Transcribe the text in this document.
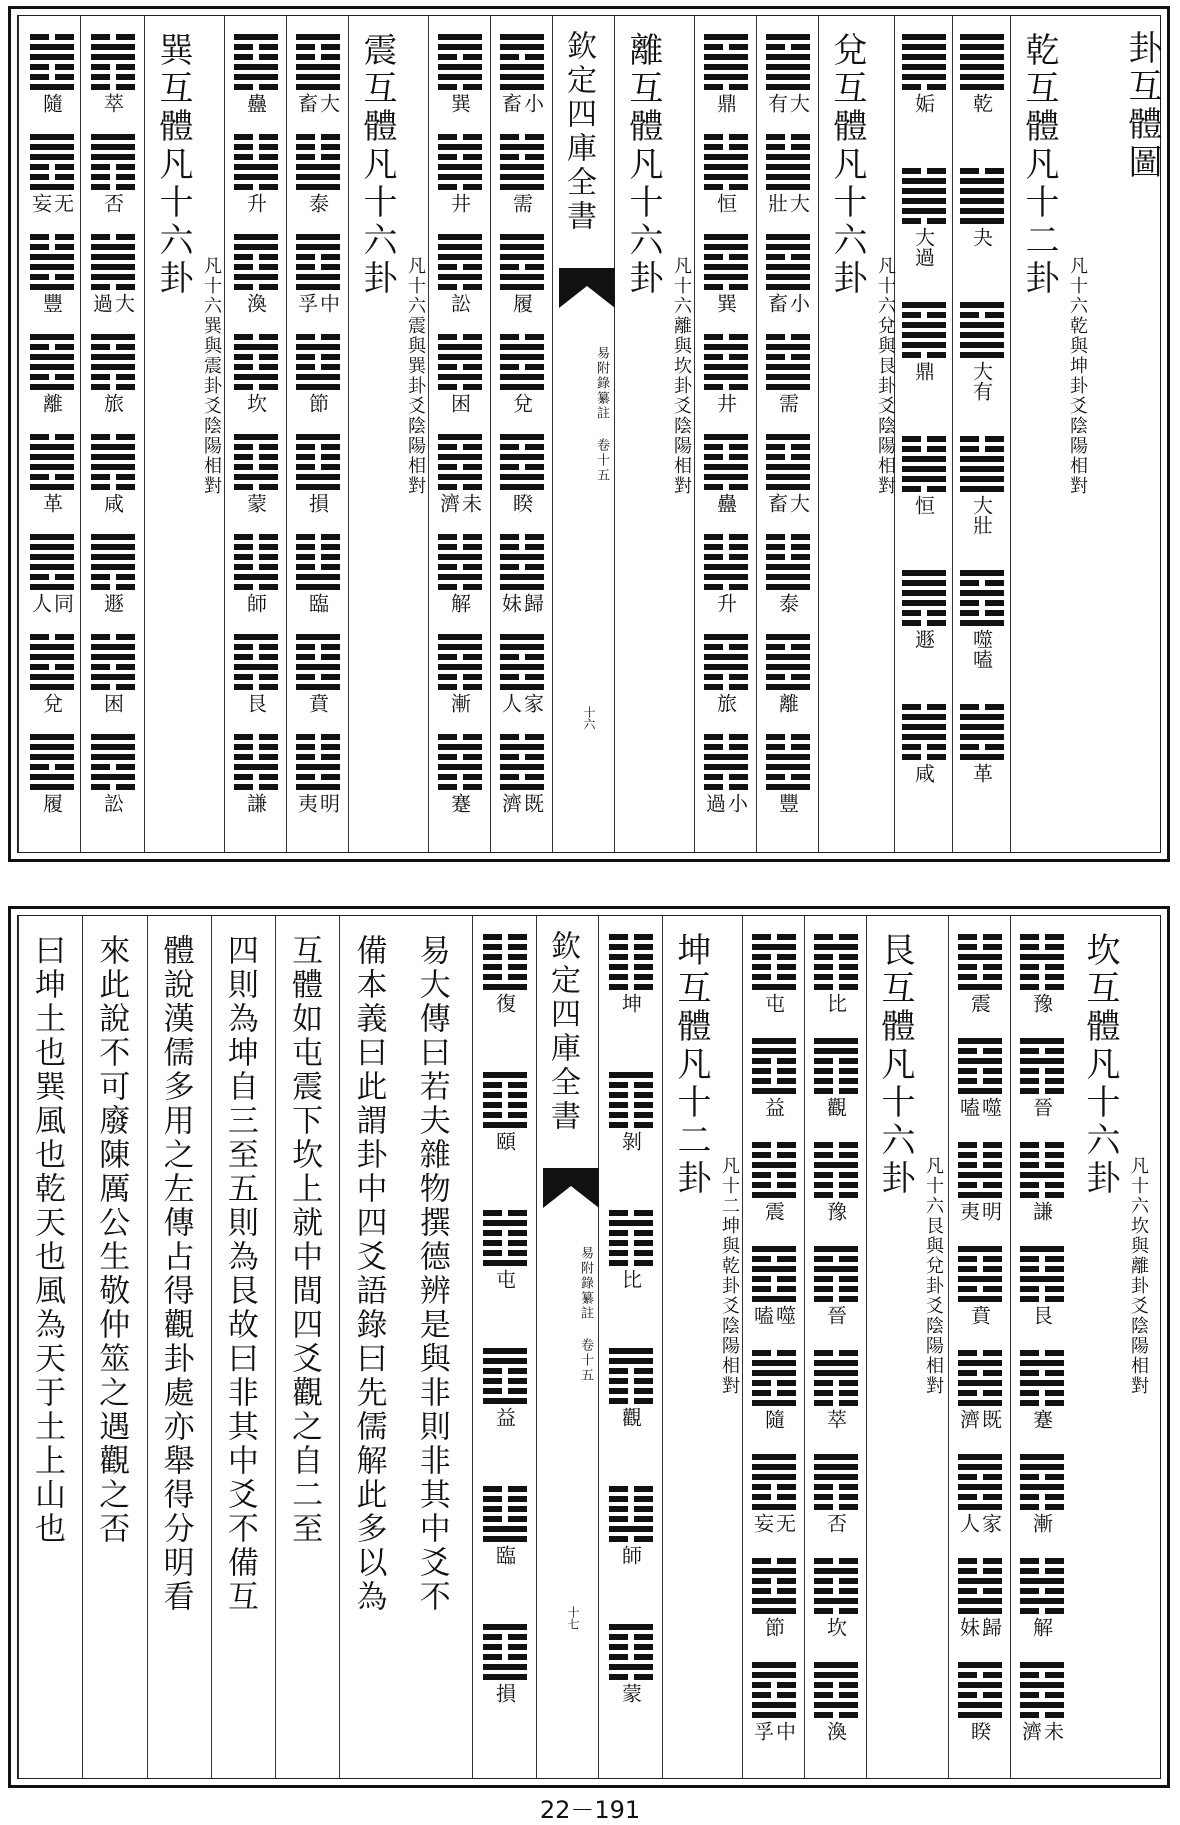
卦互體圖
乾互體凡十二卦
凡十六乾與坤卦爻陰陽相對
乾
夬
大有
大壯
噬嗑
革
姤
大過
鼎
恒
遯
咸
兌互體凡十六卦
凡十六兌與艮卦爻陰陽相對
大有
大壯
小畜
需
大畜
泰
離
豐
鼎
恒
巽
井
蠱
升
旅
小過
離互體凡十六卦
凡十六離與坎卦爻陰陽相對
欽定四庫全書
易附錄纂註 卷十五
十六
小畜
需
履
兌
睽
歸妹
家人
既濟
巽
井
訟
困
未濟
解
漸
蹇
震互體凡十六卦
凡十六震與巽卦爻陰陽相對
大畜
泰
中孚
節
損
臨
賁
明夷
蠱
升
渙
坎
蒙
師
艮
謙
巽互體凡十六卦
凡十六巽與震卦爻陰陽相對
萃
否
大過
旅
咸
遯
困
訟
隨
无妄
豐
離
革
同人
兌
履
坎互體凡十六卦
凡十六坎與離卦爻陰陽相對
豫
晉
謙
艮
蹇
漸
解
未濟
震
噬嗑
明夷
賁
既濟
家人
歸妹
睽
艮互體凡十六卦
凡十六艮與兌卦爻陰陽相對
比
觀
豫
晉
萃
否
坎
渙
屯
益
震
噬嗑
隨
无妄
節
中孚
坤互體凡十二卦
凡十二坤與乾卦爻陰陽相對
坤
剝
比
觀
師
蒙
欽定四庫全書
易附錄纂註 卷十五
十七
復
頤
屯
益
臨
損
易大傳曰若夫雜物撰德辨是與非則非其中爻不
備本義曰此謂卦中四爻語錄曰先儒解此多以為
互體如屯震下坎上就中間四爻觀之自二至
四則為坤自三至五則為艮故曰非其中爻不備互
體說漢儒多用之左傳占得觀卦處亦舉得分明看
來此說不可廢陳厲公生敬仲筮之遇觀之否
曰坤土也巽風也乾天也風為天于土上山也
22－191
